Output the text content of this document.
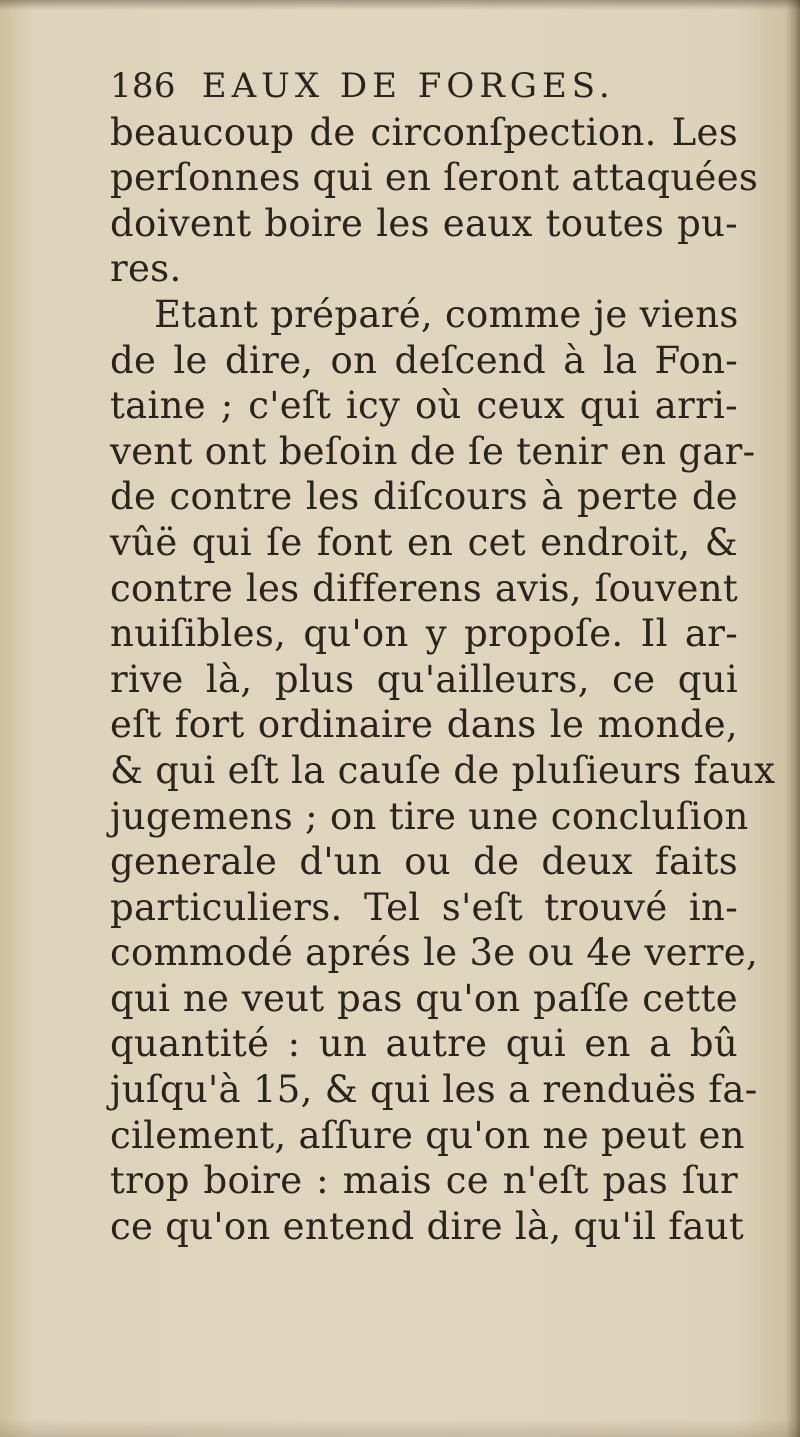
186 EAUX DE FORGES.
beaucoup de circonſpection. Les
perſonnes qui en ſeront attaquées
doivent boire les eaux toutes pu-
res.
Etant préparé, comme je viens
de le dire, on deſcend à la Fon-
taine ; c'eſt icy où ceux qui arri-
vent ont beſoin de ſe tenir en gar-
de contre les diſcours à perte de
vûë qui ſe font en cet endroit, &
contre les differens avis, ſouvent
nuiſibles, qu'on y propoſe. Il ar-
rive là, plus qu'ailleurs, ce qui
eſt fort ordinaire dans le monde,
& qui eſt la cauſe de pluſieurs faux
jugemens ; on tire une concluſion
generale d'un ou de deux faits
particuliers. Tel s'eſt trouvé in-
commodé aprés le 3e ou 4e verre,
qui ne veut pas qu'on paſſe cette
quantité : un autre qui en a bû
juſqu'à 15, & qui les a renduës fa-
cilement, aſſure qu'on ne peut en
trop boire : mais ce n'eſt pas ſur
ce qu'on entend dire là, qu'il faut
